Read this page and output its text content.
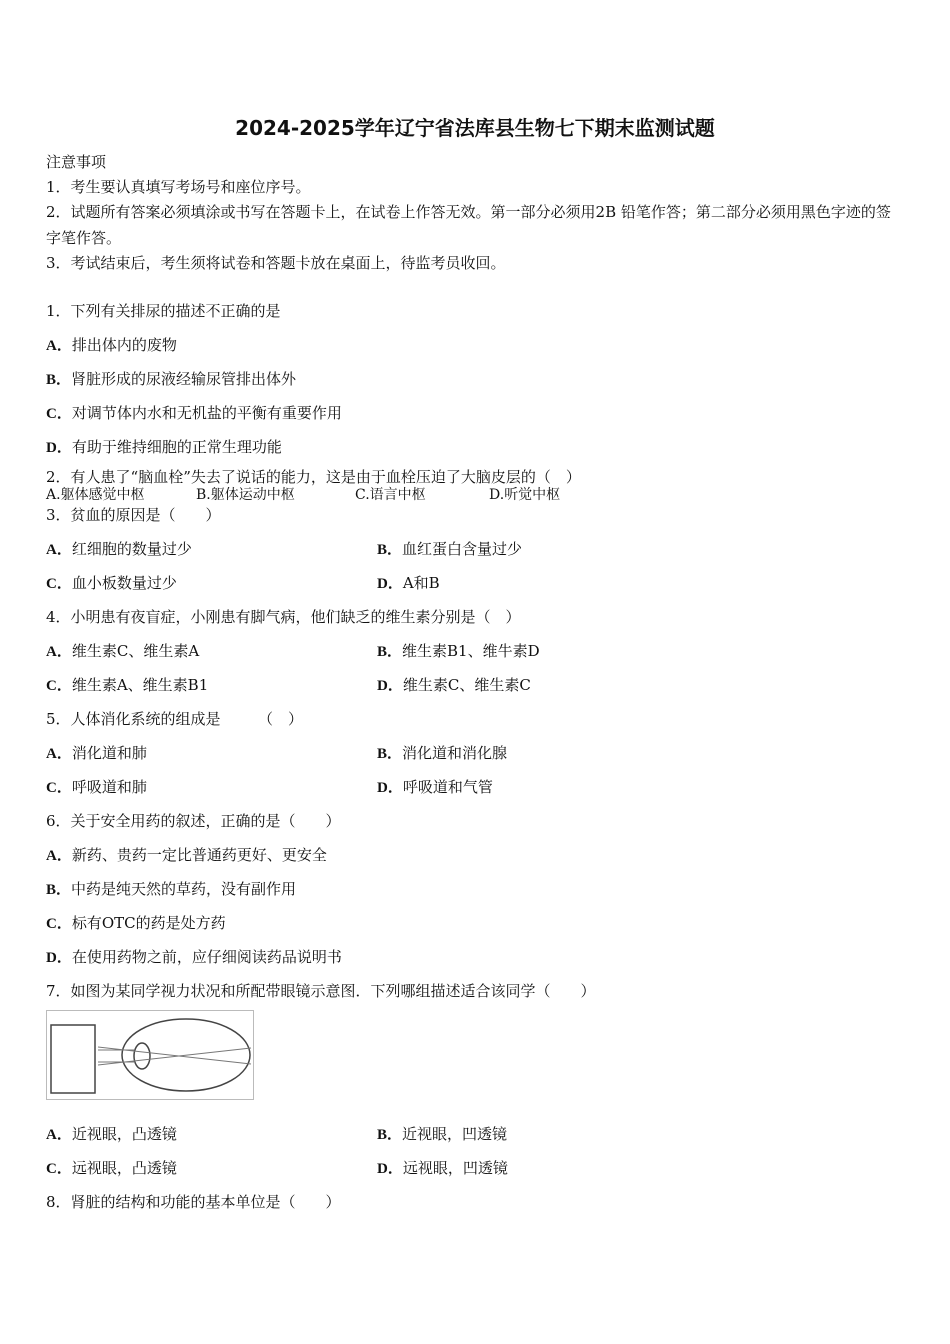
2024-2025学年辽宁省法库县生物七下期末监测试题
注意事项
1．考生要认真填写考场号和座位序号。
2．试题所有答案必须填涂或书写在答题卡上，在试卷上作答无效。第一部分必须用2B 铅笔作答；第二部分必须用黑色字迹的签字笔作答。
3．考试结束后，考生须将试卷和答题卡放在桌面上，待监考员收回。
1．下列有关排尿的描述不正确的是
A．排出体内的废物
B．肾脏形成的尿液经输尿管排出体外
C．对调节体内水和无机盐的平衡有重要作用
D．有助于维持细胞的正常生理功能
2．有人患了“脑血栓”失去了说话的能力，这是由于血栓压迫了大脑皮层的（　）
A.躯体感觉中枢	B.躯体运动中枢	C.语言中枢	D.听觉中枢
3．贫血的原因是（　　）
A．红细胞的数量过少	B．血红蛋白含量过少
C．血小板数量过少	D．A和B
4．小明患有夜盲症，小刚患有脚气病，他们缺乏的维生素分别是（　）
A．维生素C、维生素A	B．维生素B1、维牛素D
C．维生素A、维生素B1	D．维生素C、维生素C
5．人体消化系统的组成是　　　（　）
A．消化道和肺	B．消化道和消化腺
C．呼吸道和肺	D．呼吸道和气管
6．关于安全用药的叙述，正确的是（　　）
A．新药、贵药一定比普通药更好、更安全
B．中药是纯天然的草药，没有副作用
C．标有OTC的药是处方药
D．在使用药物之前，应仔细阅读药品说明书
7．如图为某同学视力状况和所配带眼镜示意图．下列哪组描述适合该同学（　　）
A．近视眼，凸透镜	B．近视眼，凹透镜
C．远视眼，凸透镜	D．远视眼，凹透镜
8．肾脏的结构和功能的基本单位是（　　）
